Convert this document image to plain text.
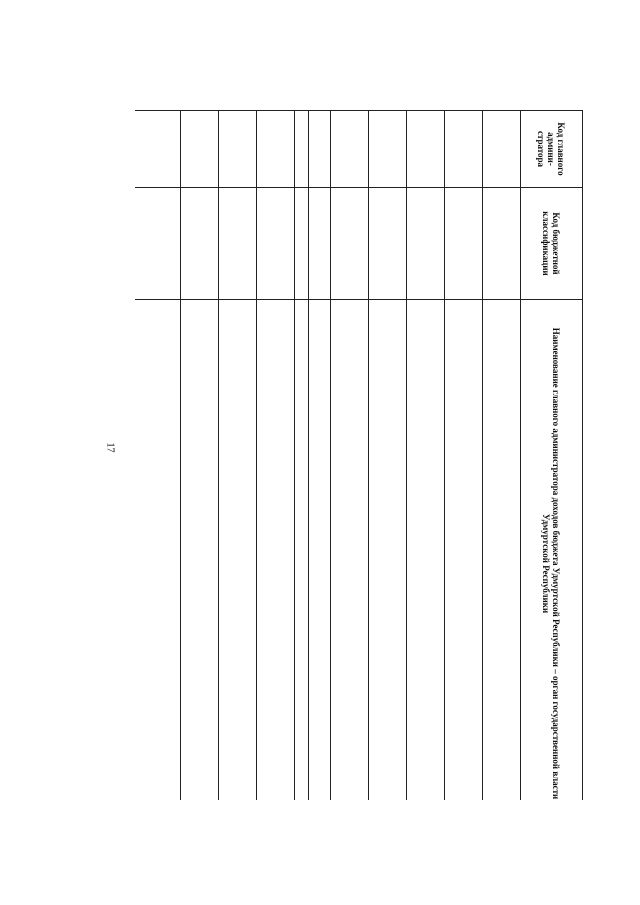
17
Код главного админи-стратора	Код бюджетной классификации	Наименование главного администратора доходов бюджета Удмуртской Республики – орган государственной власти Удмуртской Республики
